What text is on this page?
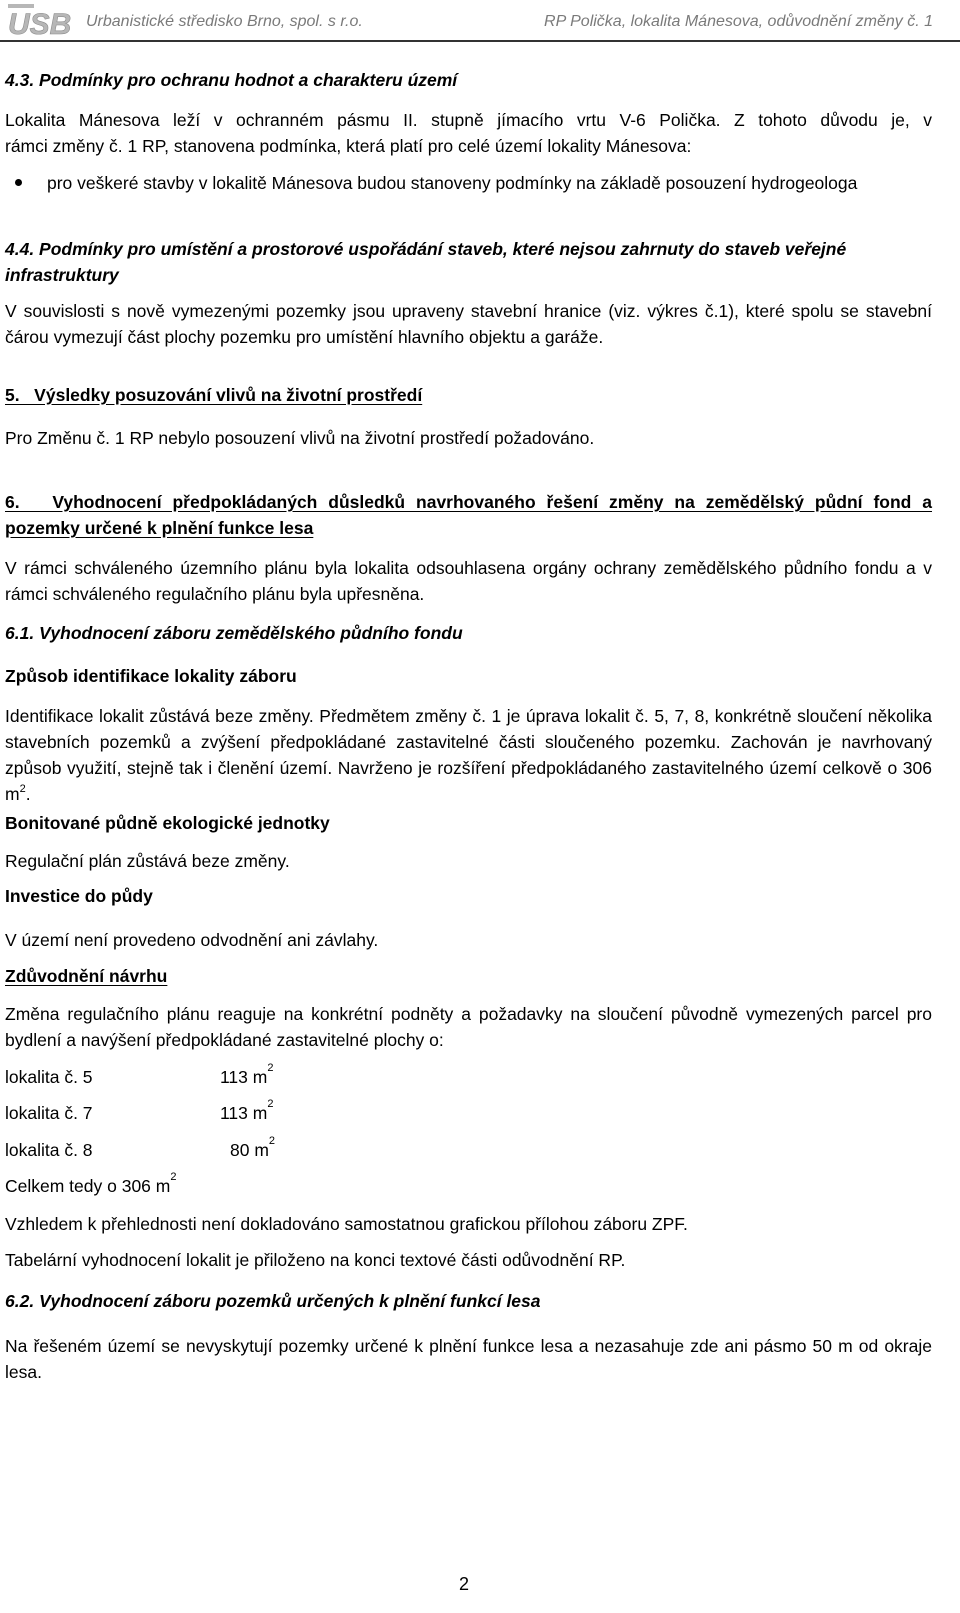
USB Urbanistické středisko Brno, spol. s r.o.	RP Polička, lokalita Mánesova, odůvodnění změny č. 1
4.3. Podmínky pro ochranu hodnot a charakteru území
Lokalita Mánesova leží v ochranném pásmu II. stupně jímacího vrtu V-6 Polička. Z tohoto důvodu je, v
rámci změny č. 1 RP, stanovena podmínka, která platí pro celé území lokality Mánesova:
pro veškeré stavby v lokalitě Mánesova budou stanoveny podmínky na základě posouzení hydrogeologa
4.4. Podmínky pro umístění a prostorové uspořádání staveb, které nejsou zahrnuty do staveb veřejné infrastruktury
V souvislosti s nově vymezenými pozemky jsou upraveny stavební hranice (viz. výkres č.1), které spolu se stavební čárou vymezují část plochy pozemku pro umístění hlavního objektu a garáže.
5.   Výsledky posuzování vlivů na životní prostředí
Pro Změnu č. 1 RP nebylo posouzení vlivů na životní prostředí požadováno.
6.   Vyhodnocení předpokládaných důsledků navrhovaného řešení změny na zemědělský půdní fond a pozemky určené k plnění funkce lesa
V rámci schváleného územního plánu byla lokalita odsouhlasena orgány ochrany zemědělského půdního fondu a v rámci schváleného regulačního plánu byla upřesněna.
6.1. Vyhodnocení záboru zemědělského půdního fondu
Způsob identifikace lokality záboru
Identifikace lokalit zůstává beze změny. Předmětem změny č. 1 je úprava lokalit č. 5, 7, 8, konkrétně sloučení několika stavebních pozemků a zvýšení předpokládané zastavitelné části sloučeného pozemku. Zachován je navrhovaný způsob využití, stejně tak i členění území. Navrženo je rozšíření předpokládaného zastavitelného území celkově o 306 $m^2$.
Bonitované půdně ekologické jednotky
Regulační plán zůstává beze změny.
Investice do půdy
V území není provedeno odvodnění ani závlahy.
Zdůvodnění návrhu
Změna regulačního plánu reaguje na konkrétní podněty a požadavky na sloučení původně vymezených parcel pro bydlení a navýšení předpokládané zastavitelné plochy o:
lokalita č. 5	113 $m^2$
lokalita č. 7	113 $m^2$
lokalita č. 8	80 $m^2$
Celkem tedy o 306 $m^2$
Vzhledem k přehlednosti není dokladováno samostatnou grafickou přílohou záboru ZPF.
Tabelární vyhodnocení lokalit je přiloženo na konci textové části odůvodnění RP.
6.2. Vyhodnocení záboru pozemků určených k plnění funkcí lesa
Na řešeném území se nevyskytují pozemky určené k plnění funkce lesa a nezasahuje zde ani pásmo 50 m od okraje lesa.
2
